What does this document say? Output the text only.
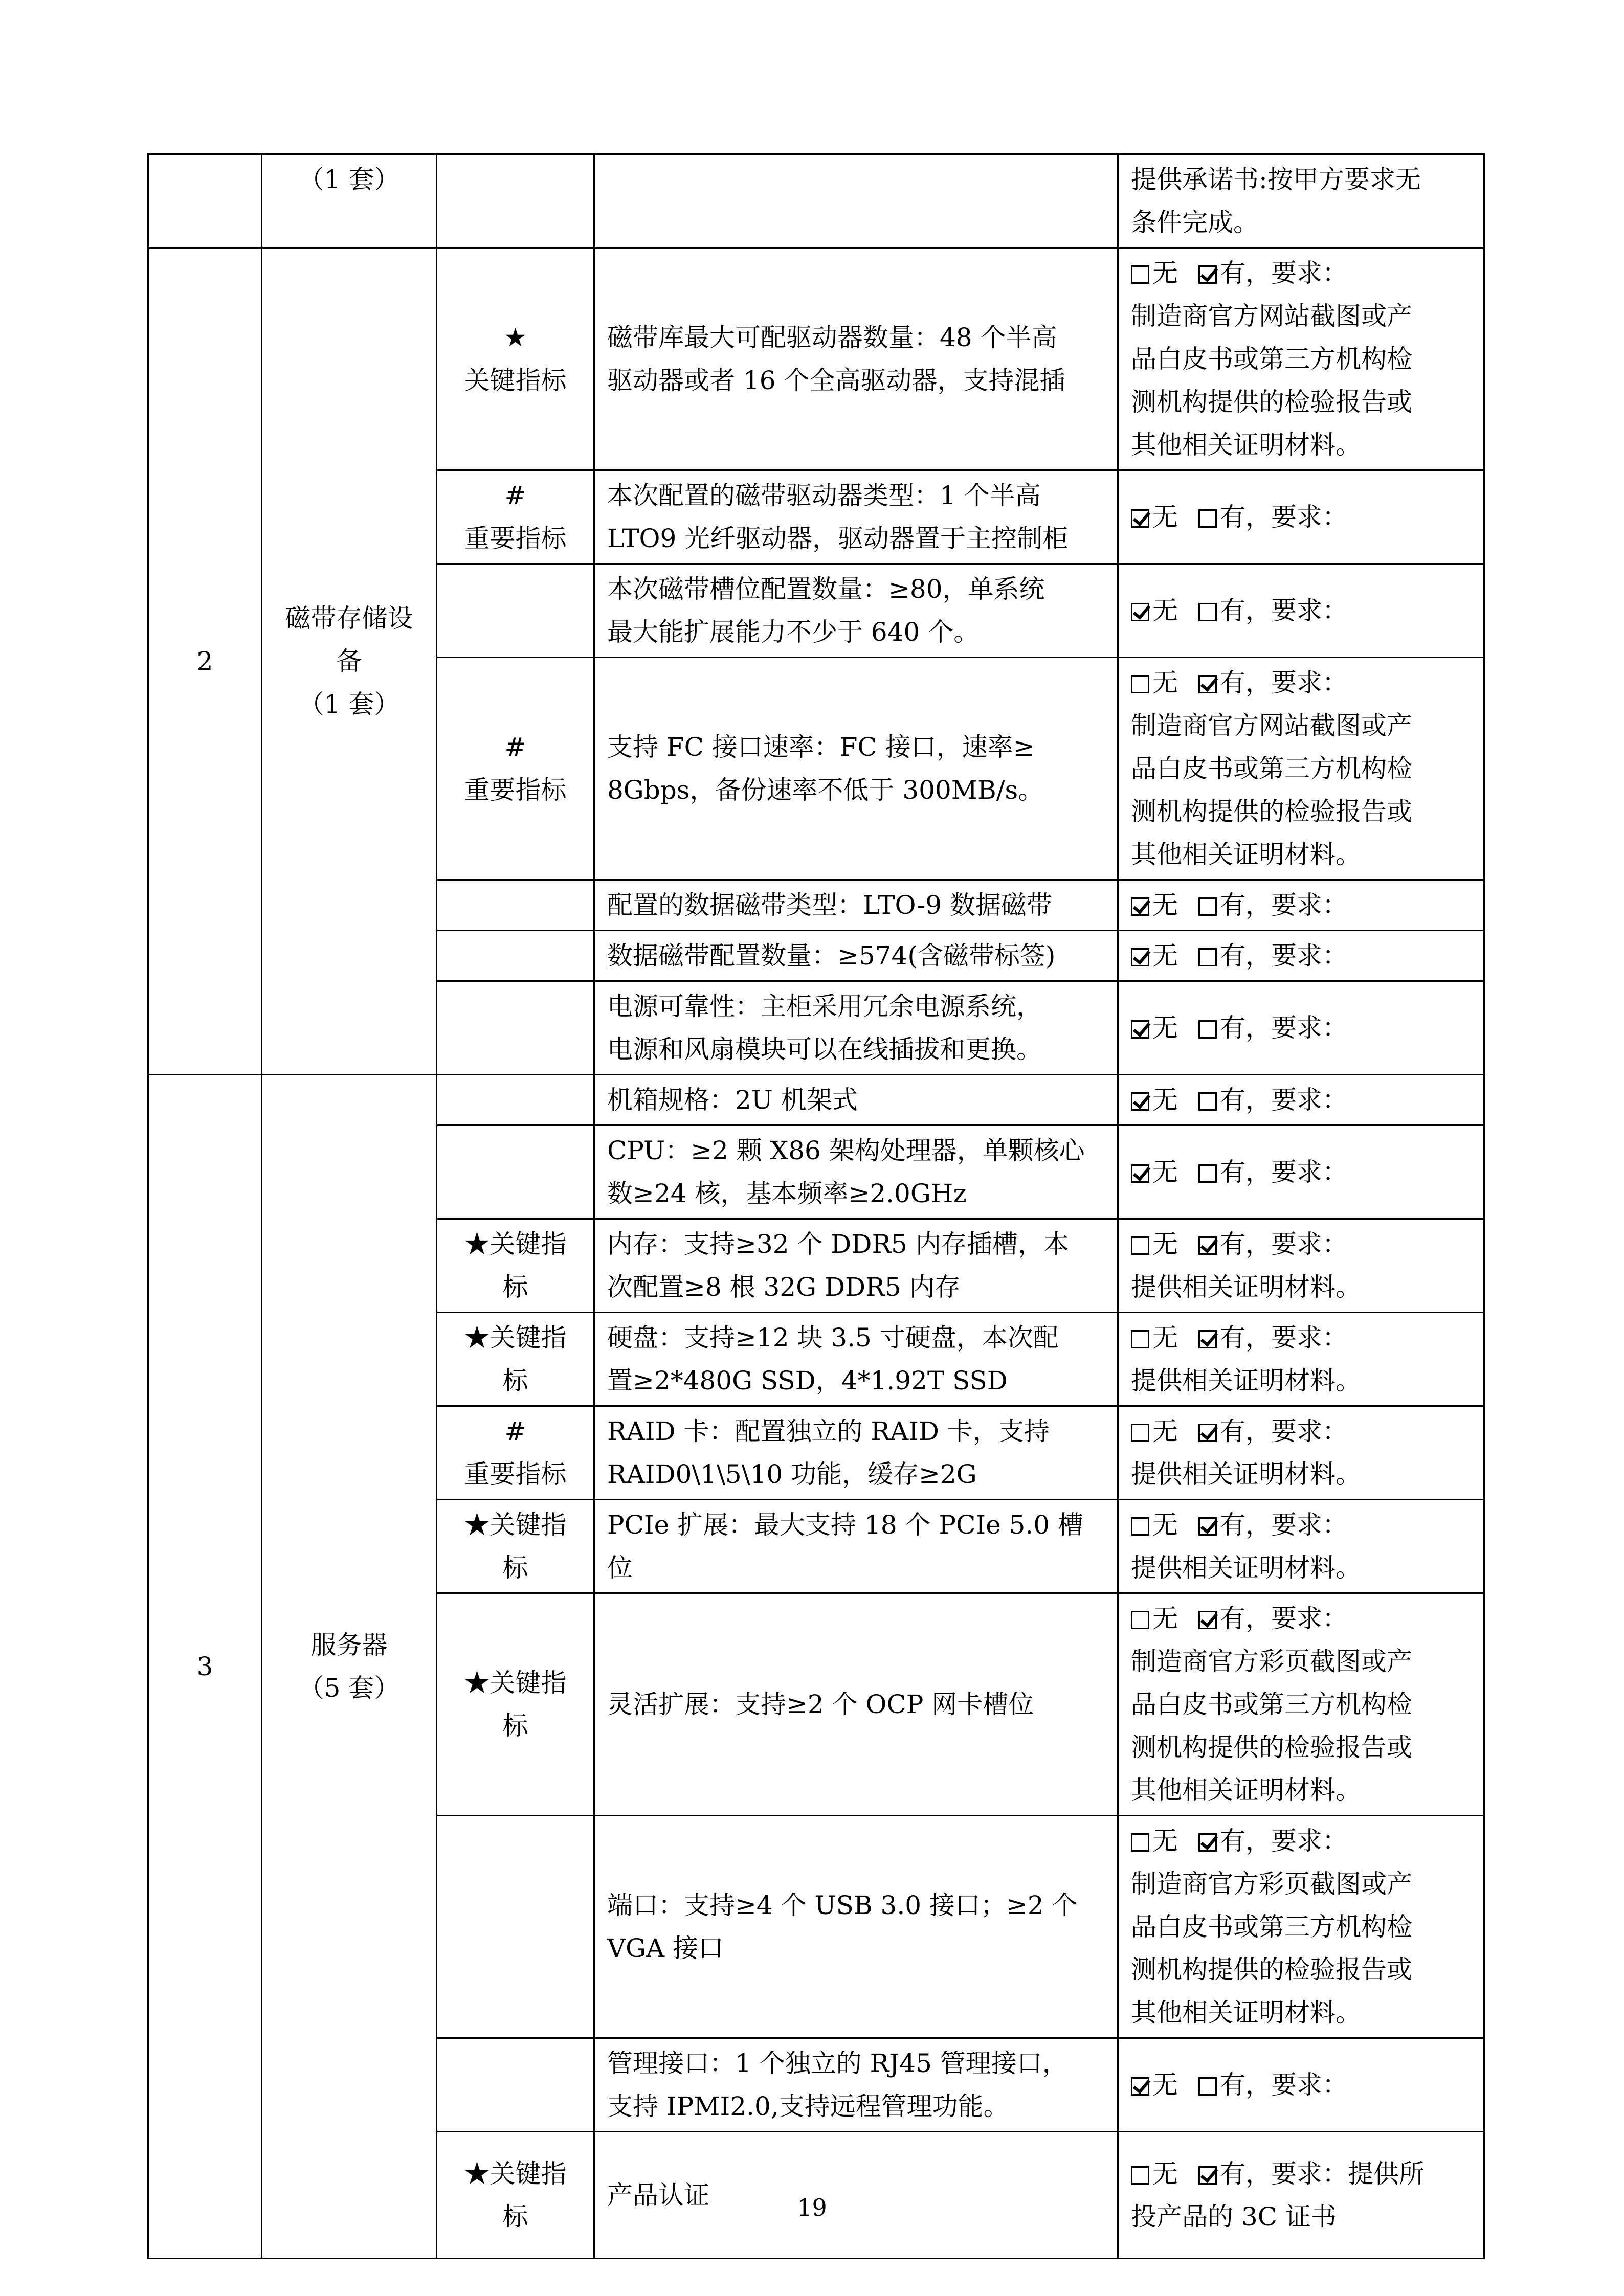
	（1 套）			提供承诺书:按甲方要求无
条件完成。

2	磁带存储设
备
（1 套）	★
关键指标	磁带库最大可配驱动器数量：48 个半高
驱动器或者 16 个全高驱动器，支持混插	无 有，要求：
制造商官方网站截图或产
品白皮书或第三方机构检
测机构提供的检验报告或
其他相关证明材料。

		#
重要指标	本次配置的磁带驱动器类型：1 个半高
LTO9 光纤驱动器，驱动器置于主控制柜	无 有，要求：

			本次磁带槽位配置数量：≥80，单系统
最大能扩展能力不少于 640 个。	无 有，要求：

		#
重要指标	支持 FC 接口速率：FC 接口，速率≥
8Gbps，备份速率不低于 300MB/s。	无 有，要求：
制造商官方网站截图或产
品白皮书或第三方机构检
测机构提供的检验报告或
其他相关证明材料。

			配置的数据磁带类型：LTO-9 数据磁带	无 有，要求：

			数据磁带配置数量：≥574(含磁带标签)	无 有，要求：

			电源可靠性：主柜采用冗余电源系统，
电源和风扇模块可以在线插拔和更换。	无 有，要求：

3	服务器
（5 套）		机箱规格：2U 机架式	无 有，要求：

			CPU：≥2 颗 X86 架构处理器，单颗核心
数≥24 核，基本频率≥2.0GHz	无 有，要求：

		★关键指
标	内存：支持≥32 个 DDR5 内存插槽，本
次配置≥8 根 32G DDR5 内存	无 有，要求：
提供相关证明材料。

		★关键指
标	硬盘：支持≥12 块 3.5 寸硬盘，本次配
置≥2*480G SSD，4*1.92T SSD	无 有，要求：
提供相关证明材料。

		#
重要指标	RAID 卡：配置独立的 RAID 卡，支持
RAID0\1\5\10 功能，缓存≥2G	无 有，要求：
提供相关证明材料。

		★关键指
标	PCIe 扩展：最大支持 18 个 PCIe 5.0 槽
位	无 有，要求：
提供相关证明材料。

		★关键指
标	灵活扩展：支持≥2 个 OCP 网卡槽位	无 有，要求：
制造商官方彩页截图或产
品白皮书或第三方机构检
测机构提供的检验报告或
其他相关证明材料。

			端口：支持≥4 个 USB 3.0 接口；≥2 个
VGA 接口	无 有，要求：
制造商官方彩页截图或产
品白皮书或第三方机构检
测机构提供的检验报告或
其他相关证明材料。

			管理接口：1 个独立的 RJ45 管理接口，
支持 IPMI2.0,支持远程管理功能。	无 有，要求：

		★关键指
标	产品认证	无 有，要求：提供所
投产品的 3C 证书
19
